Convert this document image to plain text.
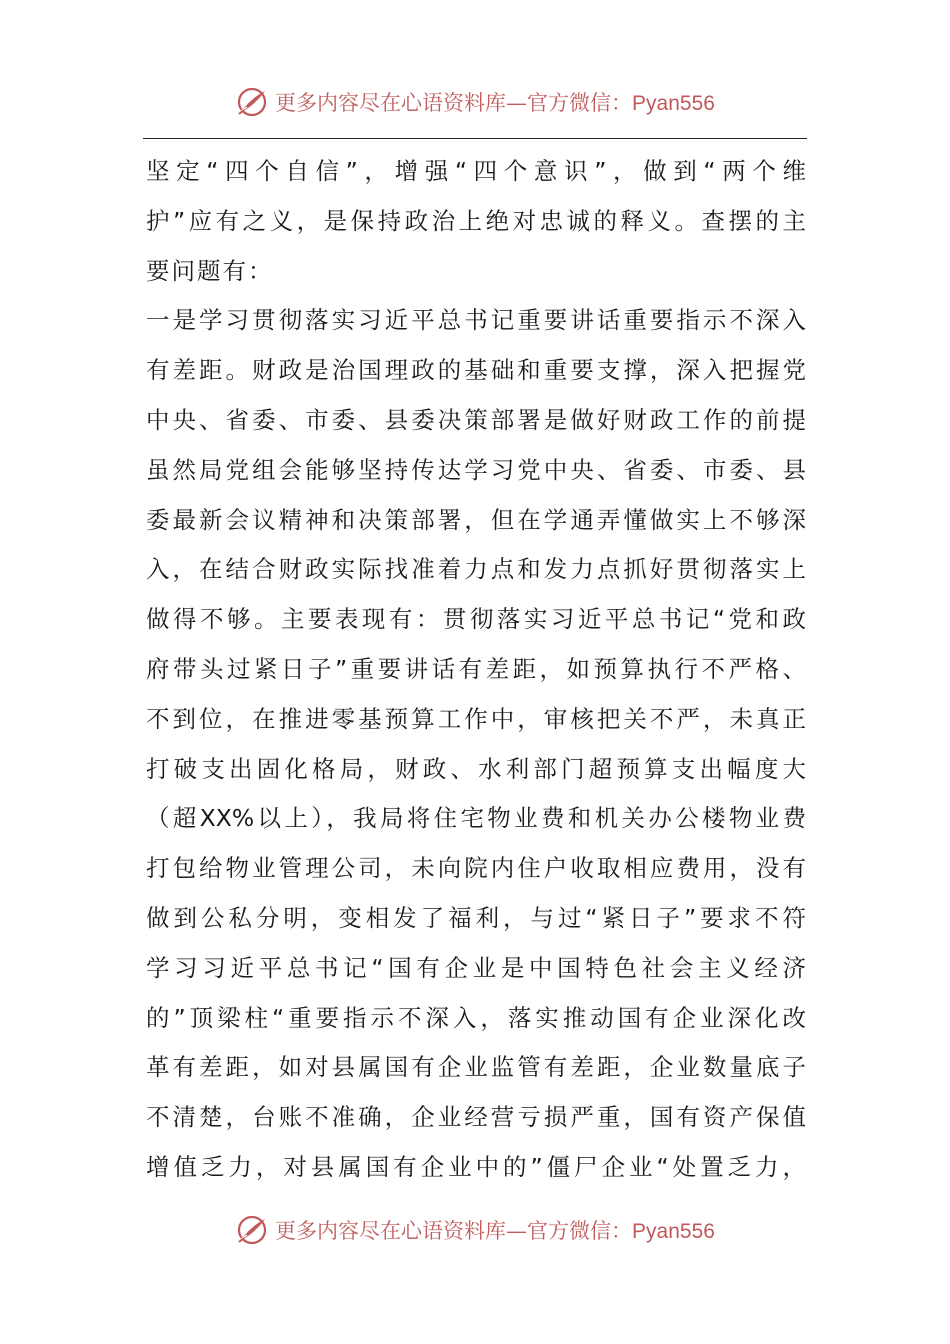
更多内容尽在心语资料库—官方微信：Pyan556
坚定“四个自信”，增强“四个意识”，做到“两个维
护”应有之义，是保持政治上绝对忠诚的释义。查摆的主
要问题有：
一是学习贯彻落实习近平总书记重要讲话重要指示不深入
有差距。财政是治国理政的基础和重要支撑，深入把握党
中央、省委、市委、县委决策部署是做好财政工作的前提
虽然局党组会能够坚持传达学习党中央、省委、市委、县
委最新会议精神和决策部署，但在学通弄懂做实上不够深
入，在结合财政实际找准着力点和发力点抓好贯彻落实上
做得不够。主要表现有：贯彻落实习近平总书记“党和政
府带头过紧日子”重要讲话有差距，如预算执行不严格、
不到位，在推进零基预算工作中，审核把关不严，未真正
打破支出固化格局，财政、水利部门超预算支出幅度大
（超XX%以上），我局将住宅物业费和机关办公楼物业费
打包给物业管理公司，未向院内住户收取相应费用，没有
做到公私分明，变相发了福利，与过“紧日子”要求不符
学习习近平总书记“国有企业是中国特色社会主义经济
的”顶梁柱“重要指示不深入，落实推动国有企业深化改
革有差距，如对县属国有企业监管有差距，企业数量底子
不清楚，台账不准确，企业经营亏损严重，国有资产保值
增值乏力，对县属国有企业中的”僵尸企业“处置乏力，
更多内容尽在心语资料库—官方微信：Pyan556
